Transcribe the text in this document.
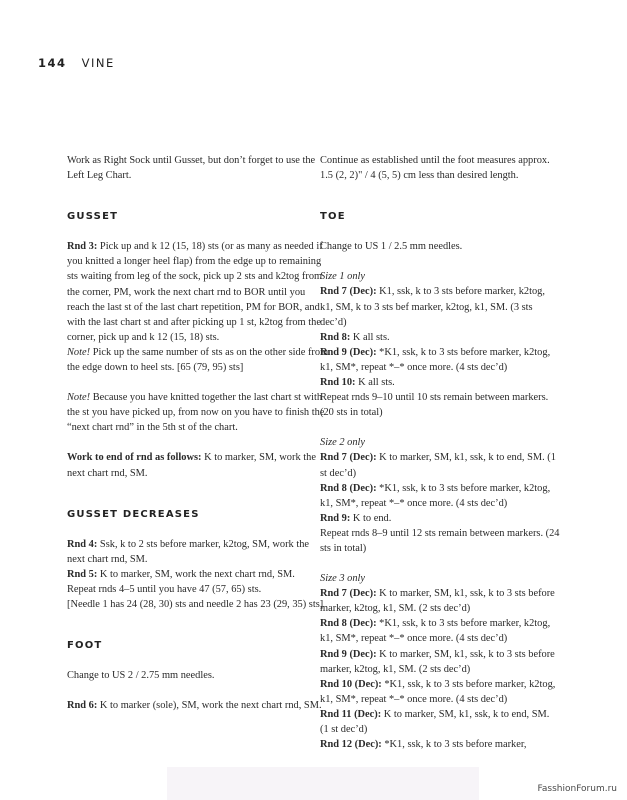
144 VINE

Work as Right Sock until Gusset, but don’t forget to use the Left Leg Chart.

GUSSET

Rnd 3: Pick up and k 12 (15, 18) sts (or as many as needed if you knitted a longer heel flap) from the edge up to remaining sts waiting from leg of the sock, pick up 2 sts and k2tog from the corner, PM, work the next chart rnd to BOR until you reach the last st of the last chart repetition, PM for BOR, and with the last chart st and after picking up 1 st, k2tog from the corner, pick up and k 12 (15, 18) sts.

Note! Pick up the same number of sts as on the other side from the edge down to heel sts. [65 (79, 95) sts]

Note! Because you have knitted together the last chart st with the st you have picked up, from now on you have to finish the “next chart rnd” in the 5th st of the chart.

Work to end of rnd as follows: K to marker, SM, work the next chart rnd, SM.

GUSSET DECREASES

Rnd 4: Ssk, k to 2 sts before marker, k2tog, SM, work the next chart rnd, SM.

Rnd 5: K to marker, SM, work the next chart rnd, SM.

Repeat rnds 4–5 until you have 47 (57, 65) sts.

[Needle 1 has 24 (28, 30) sts and needle 2 has 23 (29, 35) sts]

FOOT

Change to US 2 / 2.75 mm needles.

Rnd 6: K to marker (sole), SM, work the next chart rnd, SM.

Continue as established until the foot measures approx. 1.5 (2, 2)" / 4 (5, 5) cm less than desired length.

TOE

Change to US 1 / 2.5 mm needles.

Size 1 only

Rnd 7 (Dec): K1, ssk, k to 3 sts before marker, k2tog, k1, SM, k to 3 sts bef marker, k2tog, k1, SM. (3 sts dec’d)

Rnd 8: K all sts.

Rnd 9 (Dec): *K1, ssk, k to 3 sts before marker, k2tog, k1, SM*, repeat *–* once more. (4 sts dec’d)

Rnd 10: K all sts.

Repeat rnds 9–10 until 10 sts remain between markers. (20 sts in total)

Size 2 only

Rnd 7 (Dec): K to marker, SM, k1, ssk, k to end, SM. (1 st dec’d)

Rnd 8 (Dec): *K1, ssk, k to 3 sts before marker, k2tog, k1, SM*, repeat *–* once more. (4 sts dec’d)

Rnd 9: K to end.

Repeat rnds 8–9 until 12 sts remain between markers. (24 sts in total)

Size 3 only

Rnd 7 (Dec): K to marker, SM, k1, ssk, k to 3 sts before marker, k2tog, k1, SM. (2 sts dec’d)

Rnd 8 (Dec): *K1, ssk, k to 3 sts before marker, k2tog, k1, SM*, repeat *–* once more. (4 sts dec’d)

Rnd 9 (Dec): K to marker, SM, k1, ssk, k to 3 sts before marker, k2tog, k1, SM. (2 sts dec’d)

Rnd 10 (Dec): *K1, ssk, k to 3 sts before marker, k2tog, k1, SM*, repeat *–* once more. (4 sts dec’d)

Rnd 11 (Dec): K to marker, SM, k1, ssk, k to end, SM. (1 st dec’d)

Rnd 12 (Dec): *K1, ssk, k to 3 sts before marker,

FasshionForum.ru
